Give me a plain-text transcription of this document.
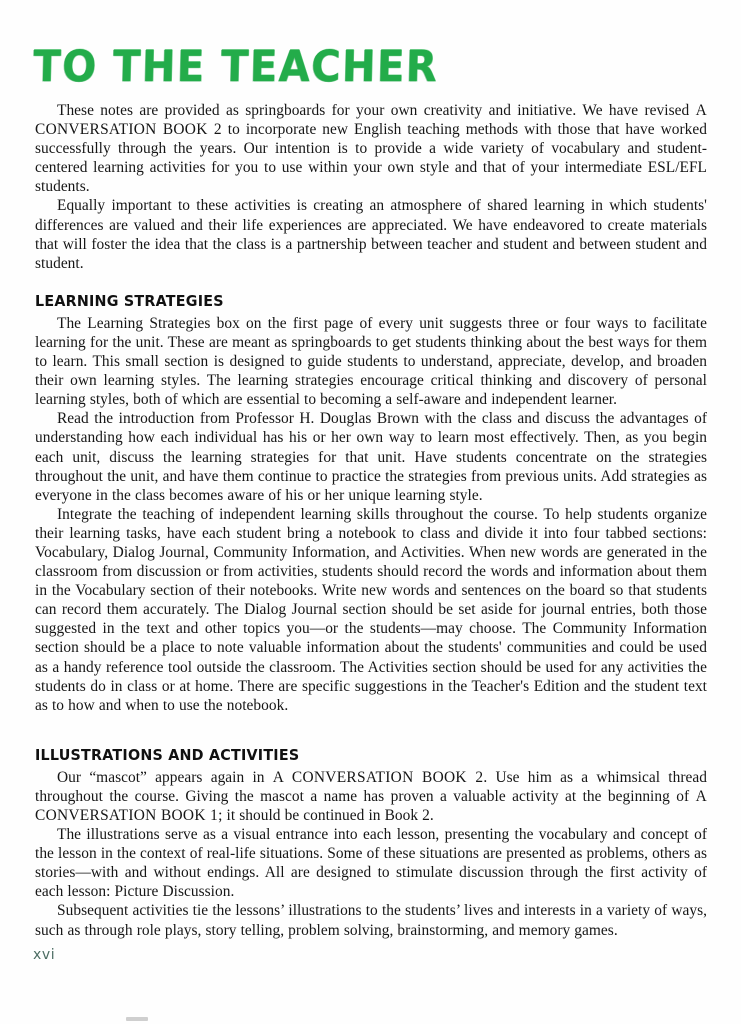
TO THE TEACHER

These notes are provided as springboards for your own creativity and initiative. We have revised A CONVERSATION BOOK 2 to incorporate new English teaching methods with those that have worked successfully through the years. Our intention is to provide a wide variety of vocabulary and student-centered learning activities for you to use within your own style and that of your intermediate ESL/EFL students.

Equally important to these activities is creating an atmosphere of shared learning in which students' differences are valued and their life experiences are appreciated. We have endeavored to create materials that will foster the idea that the class is a partnership between teacher and student and between student and student.

LEARNING STRATEGIES

The Learning Strategies box on the first page of every unit suggests three or four ways to facilitate learning for the unit. These are meant as springboards to get students thinking about the best ways for them to learn. This small section is designed to guide students to understand, appreciate, develop, and broaden their own learning styles. The learning strategies encourage critical thinking and discovery of personal learning styles, both of which are essential to becoming a self-aware and independent learner.

Read the introduction from Professor H. Douglas Brown with the class and discuss the advantages of understanding how each individual has his or her own way to learn most effectively. Then, as you begin each unit, discuss the learning strategies for that unit. Have students concentrate on the strategies throughout the unit, and have them continue to practice the strategies from previous units. Add strategies as everyone in the class becomes aware of his or her unique learning style.

Integrate the teaching of independent learning skills throughout the course. To help students organize their learning tasks, have each student bring a notebook to class and divide it into four tabbed sections: Vocabulary, Dialog Journal, Community Information, and Activities. When new words are generated in the classroom from discussion or from activities, students should record the words and information about them in the Vocabulary section of their notebooks. Write new words and sentences on the board so that students can record them accurately. The Dialog Journal section should be set aside for journal entries, both those suggested in the text and other topics you—or the students—may choose. The Community Information section should be a place to note valuable information about the students' communities and could be used as a handy reference tool outside the classroom. The Activities section should be used for any activities the students do in class or at home. There are specific suggestions in the Teacher's Edition and the student text as to how and when to use the notebook.

ILLUSTRATIONS AND ACTIVITIES

Our “mascot” appears again in A CONVERSATION BOOK 2. Use him as a whimsical thread throughout the course. Giving the mascot a name has proven a valuable activity at the beginning of A CONVERSATION BOOK 1; it should be continued in Book 2.

The illustrations serve as a visual entrance into each lesson, presenting the vocabulary and concept of the lesson in the context of real-life situations. Some of these situations are presented as problems, others as stories—with and without endings. All are designed to stimulate discussion through the first activity of each lesson: Picture Discussion.

Subsequent activities tie the lessons’ illustrations to the students’ lives and interests in a variety of ways, such as through role plays, story telling, problem solving, brainstorming, and memory games.

xvi
